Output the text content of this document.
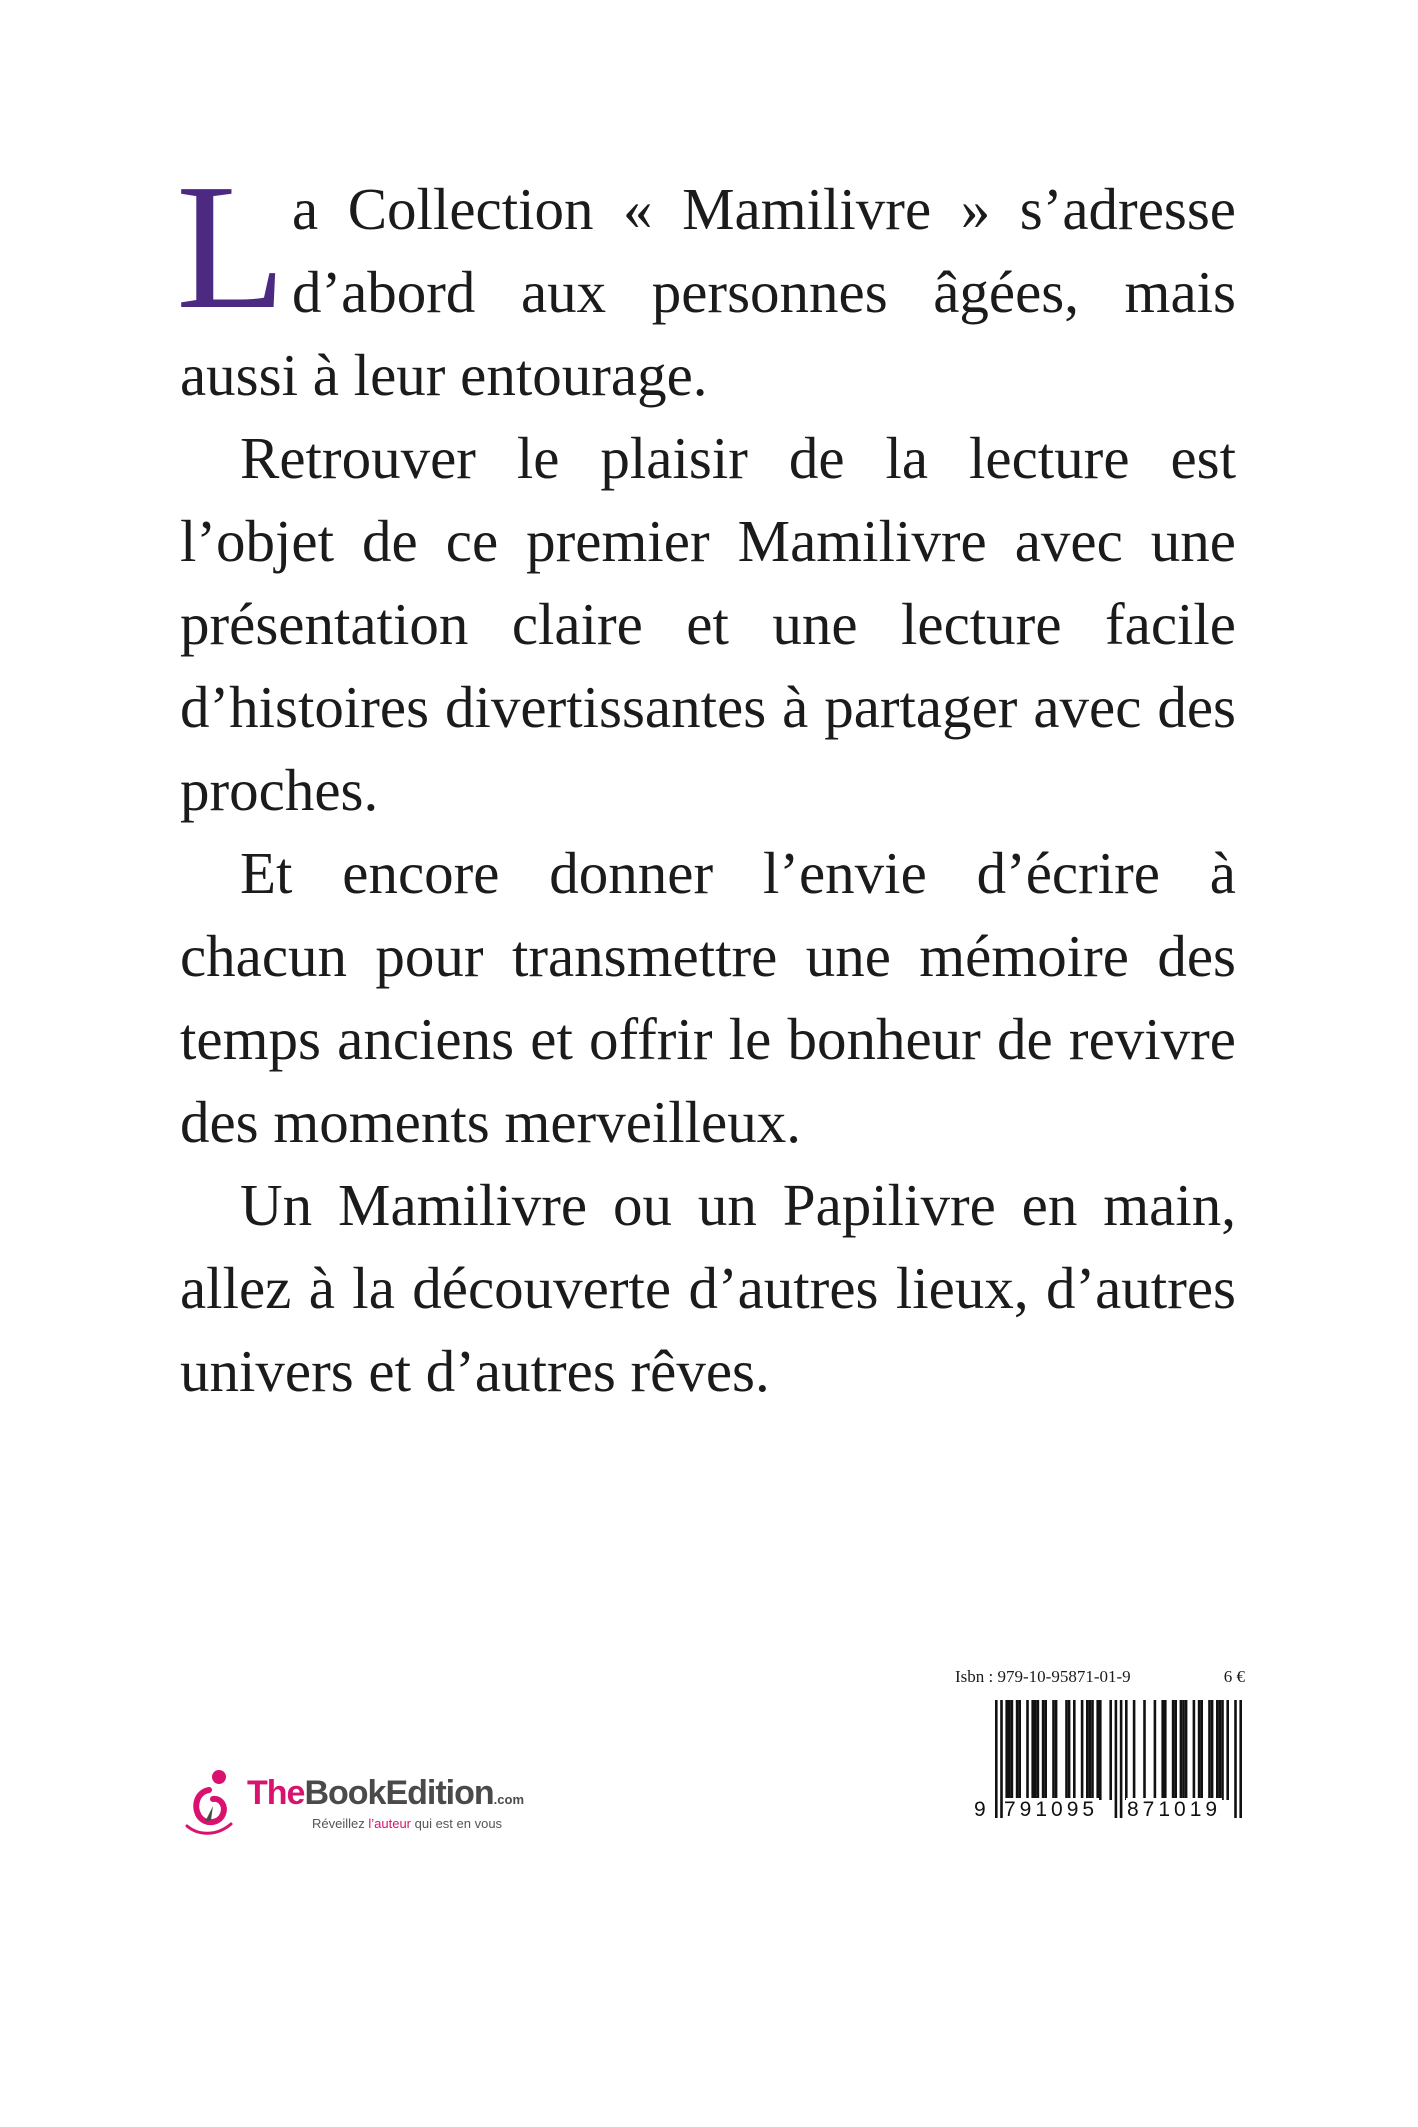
La Collection « Mamilivre » s’adresse d’abord aux personnes âgées, mais aussi à leur entourage.

Retrouver le plaisir de la lecture est l’objet de ce premier Mamilivre avec une présentation claire et une lecture facile d’histoires divertissantes à partager avec des proches.

Et encore donner l’envie d’écrire à chacun pour transmettre une mémoire des temps anciens et offrir le bonheur de revivre des moments merveilleux.

Un Mamilivre ou un Papilivre en main, allez à la découverte d’autres lieux, d’autres univers et d’autres rêves.

TheBookEdition.com
Réveillez l’auteur qui est en vous
Isbn : 979-10-95871-01-9	6 €
9 791095 871019
